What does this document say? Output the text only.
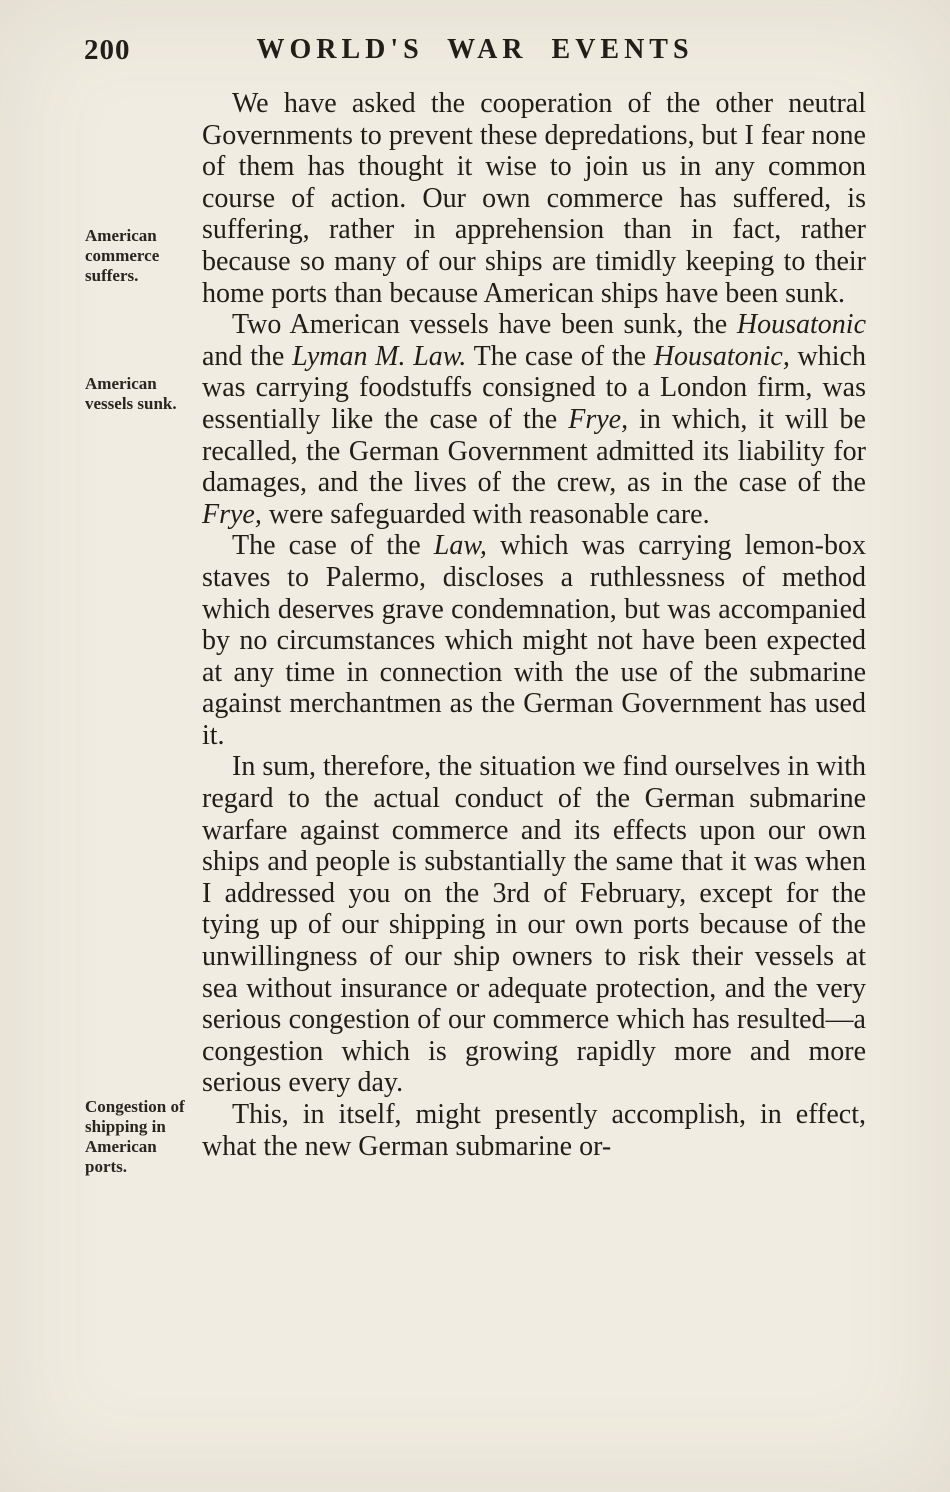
200	WORLD'S WAR EVENTS
American commerce suffers.
American vessels sunk.
Congestion of shipping in American ports.

We have asked the cooperation of the other neutral Governments to prevent these depredations, but I fear none of them has thought it wise to join us in any common course of action. Our own commerce has suffered, is suffering, rather in apprehension than in fact, rather because so many of our ships are timidly keeping to their home ports than because American ships have been sunk.

Two American vessels have been sunk, the Housatonic and the Lyman M. Law. The case of the Housatonic, which was carrying foodstuffs consigned to a London firm, was essentially like the case of the Frye, in which, it will be recalled, the German Government admitted its liability for damages, and the lives of the crew, as in the case of the Frye, were safeguarded with reasonable care.

The case of the Law, which was carrying lemon-box staves to Palermo, discloses a ruthlessness of method which deserves grave condemnation, but was accompanied by no circumstances which might not have been expected at any time in connection with the use of the submarine against merchantmen as the German Government has used it.

In sum, therefore, the situation we find ourselves in with regard to the actual conduct of the German submarine warfare against commerce and its effects upon our own ships and people is substantially the same that it was when I addressed you on the 3rd of February, except for the tying up of our shipping in our own ports because of the unwillingness of our ship owners to risk their vessels at sea without insurance or adequate protection, and the very serious congestion of our commerce which has resulted—a congestion which is growing rapidly more and more serious every day.

This, in itself, might presently accomplish, in effect, what the new German submarine or-
